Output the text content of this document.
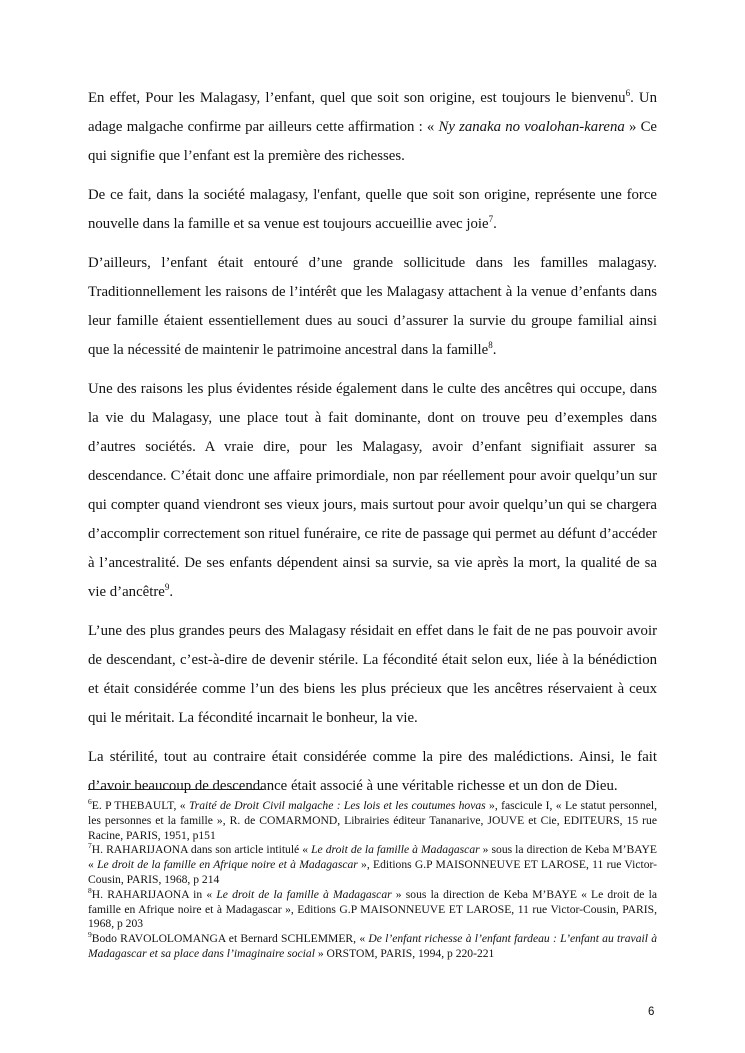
En effet, Pour les Malagasy, l’enfant, quel que soit son origine, est toujours le bienvenu$^6$. Un adage malgache confirme par ailleurs cette affirmation : « Ny zanaka no voalohan-karena » Ce qui signifie que l’enfant est la première des richesses.

De ce fait, dans la société malagasy, l'enfant, quelle que soit son origine, représente une force nouvelle dans la famille et sa venue est toujours accueillie avec joie$^7$.

D’ailleurs, l’enfant était entouré d’une grande sollicitude dans les familles malagasy. Traditionnellement les raisons de l’intérêt que les Malagasy attachent à la venue d’enfants dans leur famille étaient essentiellement dues au souci d’assurer la survie du groupe familial ainsi que la nécessité de maintenir le patrimoine ancestral dans la famille$^8$.

Une des raisons les plus évidentes réside également dans le culte des ancêtres qui occupe, dans la vie du Malagasy, une place tout à fait dominante, dont on trouve peu d’exemples dans d’autres sociétés. A vraie dire, pour les Malagasy, avoir d’enfant signifiait assurer sa descendance. C’était donc une affaire primordiale, non par réellement pour avoir quelqu’un sur qui compter quand viendront ses vieux jours, mais surtout pour avoir quelqu’un qui se chargera d’accomplir correctement son rituel funéraire, ce rite de passage qui permet au défunt d’accéder à l’ancestralité. De ses enfants dépendent ainsi sa survie, sa vie après la mort, la qualité de sa vie d’ancêtre$^9$.

L’une des plus grandes peurs des Malagasy résidait en effet dans le fait de ne pas pouvoir avoir de descendant, c’est-à-dire de devenir stérile. La fécondité était selon eux, liée à la bénédiction et était considérée comme l’un des biens les plus précieux que les ancêtres réservaient à ceux qui le méritait. La fécondité incarnait le bonheur, la vie.

La stérilité, tout au contraire était considérée comme la pire des malédictions. Ainsi, le fait d’avoir beaucoup de descendance était associé à une véritable richesse et un don de Dieu.

$^6$E. P THEBAULT, « Traité de Droit Civil malgache : Les lois et les coutumes hovas », fascicule I, « Le statut personnel, les personnes et la famille », R. de COMARMOND, Librairies éditeur Tananarive, JOUVE et Cie, EDITEURS, 15 rue Racine, PARIS, 1951, p151

$^7$H. RAHARIJAONA dans son article intitulé « Le droit de la famille à Madagascar » sous la direction de Keba M’BAYE « Le droit de la famille en Afrique noire et à Madagascar », Editions G.P MAISONNEUVE ET LAROSE, 11 rue Victor-Cousin, PARIS, 1968, p 214

$^8$H. RAHARIJAONA in « Le droit de la famille à Madagascar » sous la direction de Keba M’BAYE « Le droit de la famille en Afrique noire et à Madagascar », Editions G.P MAISONNEUVE ET LAROSE, 11 rue Victor-Cousin, PARIS, 1968, p 203

$^9$Bodo RAVOLOLOMANGA et Bernard SCHLEMMER, « De l’enfant richesse à l’enfant fardeau : L’enfant au travail à Madagascar et sa place dans l’imaginaire social » ORSTOM, PARIS, 1994, p 220-221

6
